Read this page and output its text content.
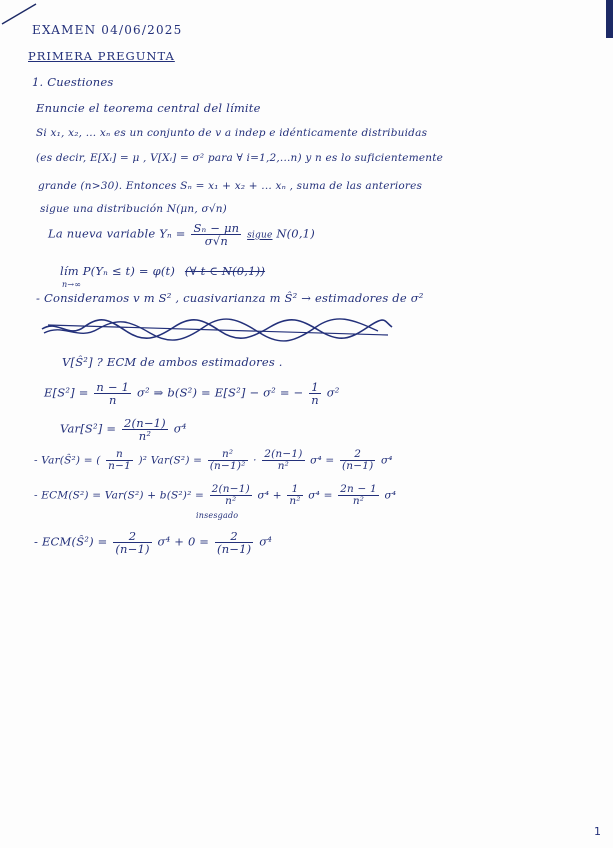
EXAMEN 04/06/2025
PRIMERA PREGUNTA
1. Cuestiones
Enuncie el teorema central del límite
Si x₁, x₂, ... xₙ es un conjunto de v a indep e idénticamente distribuidas
(es decir, E[Xᵢ] = μ , V[Xᵢ] = σ² para ∀ i=1,2,...n) y n es lo suficientemente
grande (n>30). Entonces Sₙ = x₁ + x₂ + ... xₙ , suma de las anteriores
sigue una distribución N(μn, σ√n)
La nueva variable $Y_n = \frac{\text{Sₙ − μn}}{\sigma√n}$ sigue N(0,1)
lím P(Yₙ ≤ t) = φ(t) (∀ t ∈ N(0,1))
n→∞
- Consideramos v m S² , cuasivarianza m Ŝ² → estimadores de σ²
V[Ŝ²] ? ECM de ambos estimadores .
$E[S^2] = \frac{n - 1}{n} \sigma^2$ ⇒ b(S²) = E[S²] − σ² = − $\frac{1}{n} \sigma^2$
$Var[S^2] = \frac{2(n-1)}{\text{n²}} \sigma^4$
- Var(Ŝ²) = ( $\frac{n}{n-1} )^2$ $Var(S^2) = \frac{\text{n²}}{\text{(n−1)²}} \cdot \frac{2(n-1)}{\text{n²}} \sigma^4 = \frac{2}{(n-1)} \sigma^4$
- $ECM(S^2) = Var(S^2) + b(S^2)^2 = \frac{2(n-1)}{\text{n²}} \sigma^4 + \frac{1}{\text{n²}} \sigma^4 = \frac{2n - 1}{\text{n²}} \sigma^4$
insesgado
- ECM(Ŝ²) = $\frac{2}{(n-1)} \sigma^4 + 0 = \frac{2}{(n-1)} \sigma^4$
1
